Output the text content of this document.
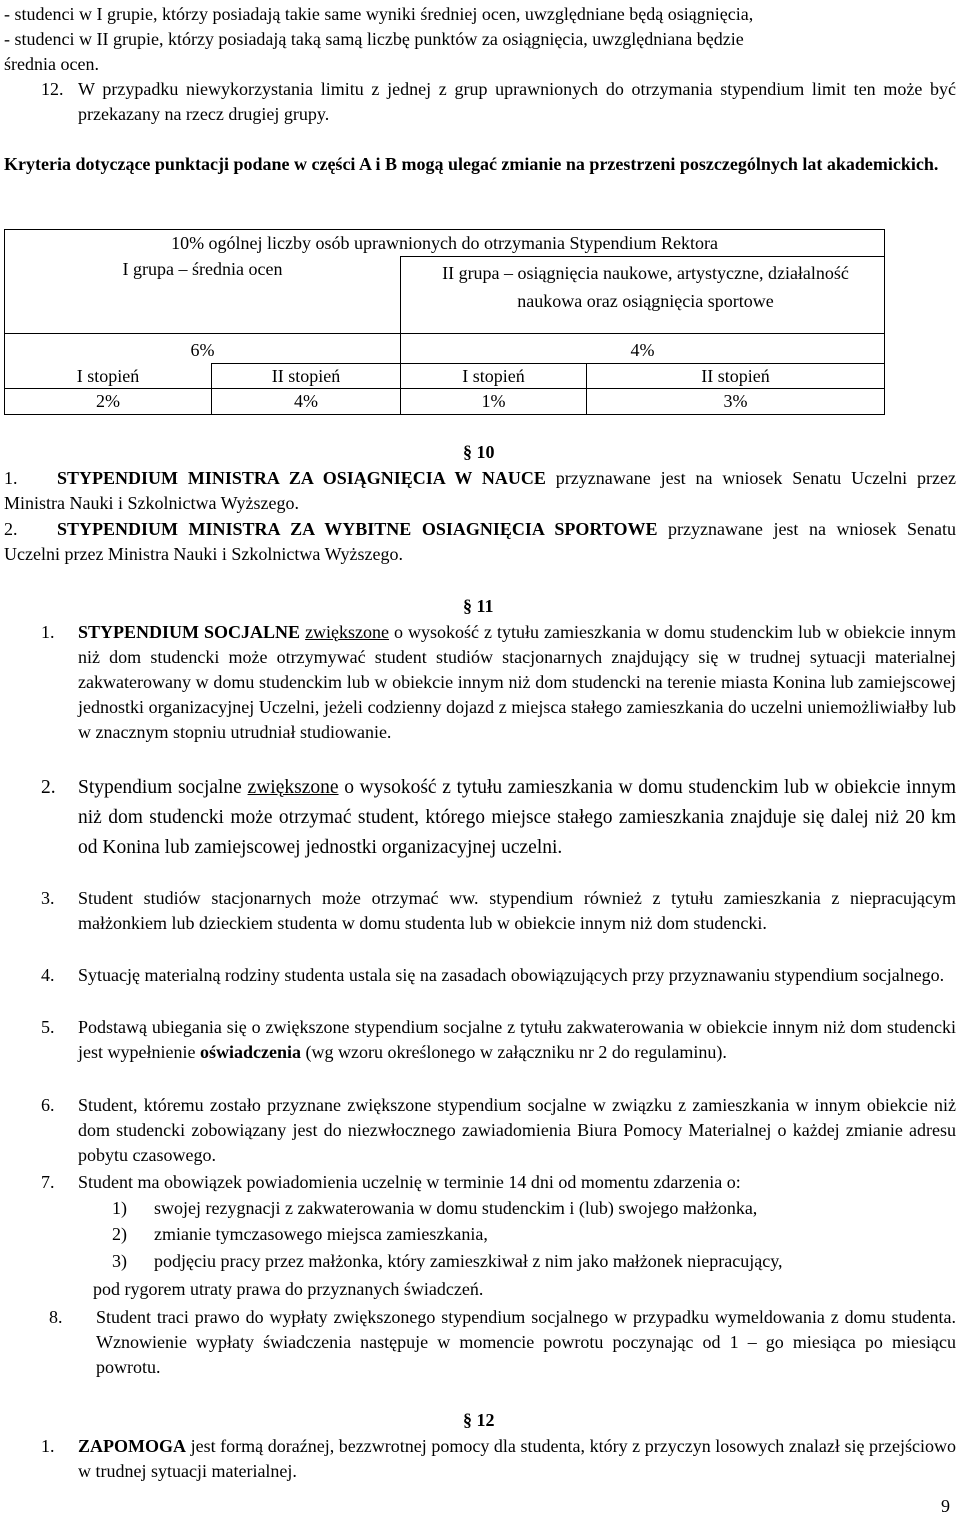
- studenci w I grupie, którzy posiadają takie same wyniki średniej ocen, uwzględniane będą osiągnięcia,

- studenci w II grupie, którzy posiadają taką samą liczbę punktów za osiągnięcia, uwzględniana będzie

średnia ocen.

12. W przypadku niewykorzystania limitu z jednej z grup uprawnionych do otrzymania stypendium limit ten może być przekazany na rzecz drugiej grupy.

Kryteria dotyczące punktacji podane w części A i B mogą ulegać zmianie na przestrzeni poszczególnych lat akademickich.

10% ogólnej liczby osób uprawnionych do otrzymania Stypendium Rektora			
I grupa – średnia ocen		II grupa – osiągnięcia naukowe, artystyczne, działalność naukowa oraz osiągnięcia sportowe	
6%		4%	
I stopień	II stopień	I stopień	II stopień
2%	4%	1%	3%
§ 10
1.	STYPENDIUM MINISTRA ZA OSIĄGNIĘCIA W NAUCE przyznawane jest na wniosek Senatu Uczelni przez Ministra Nauki i Szkolnictwa Wyższego.

2.	STYPENDIUM MINISTRA ZA WYBITNE OSIAGNIĘCIA SPORTOWE przyznawane jest na wniosek Senatu Uczelni przez Ministra Nauki i Szkolnictwa Wyższego.

§ 11
1. STYPENDIUM SOCJALNE zwiększone o wysokość z tytułu zamieszkania w domu studenckim lub w obiekcie innym niż dom studencki może otrzymywać student studiów stacjonarnych znajdujący się w trudnej sytuacji materialnej zakwaterowany w domu studenckim lub w obiekcie innym niż dom studencki na terenie miasta Konina lub zamiejscowej jednostki organizacyjnej Uczelni, jeżeli codzienny dojazd z miejsca stałego zamieszkania do uczelni uniemożliwiałby lub w znacznym stopniu utrudniał studiowanie.

2. Stypendium socjalne zwiększone o wysokość z tytułu zamieszkania w domu studenckim lub w obiekcie innym niż dom studencki może otrzymać student, którego miejsce stałego zamieszkania znajduje się dalej niż 20 km od Konina lub zamiejscowej jednostki organizacyjnej uczelni.

3. Student studiów stacjonarnych może otrzymać ww. stypendium również z tytułu zamieszkania z niepracującym małżonkiem lub dzieckiem studenta w domu studenta lub w obiekcie innym niż dom studencki.

4. Sytuację materialną rodziny studenta ustala się na zasadach obowiązujących przy przyznawaniu stypendium socjalnego.

5. Podstawą ubiegania się o zwiększone stypendium socjalne z tytułu zakwaterowania w obiekcie innym niż dom studencki jest wypełnienie oświadczenia (wg wzoru określonego w załączniku nr 2 do regulaminu).

6. Student, któremu zostało przyznane zwiększone stypendium socjalne w związku z zamieszkania w innym obiekcie niż dom studencki zobowiązany jest do niezwłocznego zawiadomienia Biura Pomocy Materialnej o każdej zmianie adresu pobytu czasowego.

7. Student ma obowiązek powiadomienia uczelnię w terminie 14 dni od momentu zdarzenia o:

1) swojej rezygnacji z zakwaterowania w domu studenckim i (lub) swojego małżonka,

2) zmianie tymczasowego miejsca zamieszkania,

3) podjęciu pracy przez małżonka, który zamieszkiwał z nim jako małżonek niepracujący,

pod rygorem utraty prawa do przyznanych świadczeń.

8. Student traci prawo do wypłaty zwiększonego stypendium socjalnego w przypadku wymeldowania z domu studenta. Wznowienie wypłaty świadczenia następuje w momencie powrotu poczynając od 1 – go miesiąca po miesiącu powrotu.

§ 12
1. ZAPOMOGA jest formą doraźnej, bezzwrotnej pomocy dla studenta, który z przyczyn losowych znalazł się przejściowo w trudnej sytuacji materialnej.

9
